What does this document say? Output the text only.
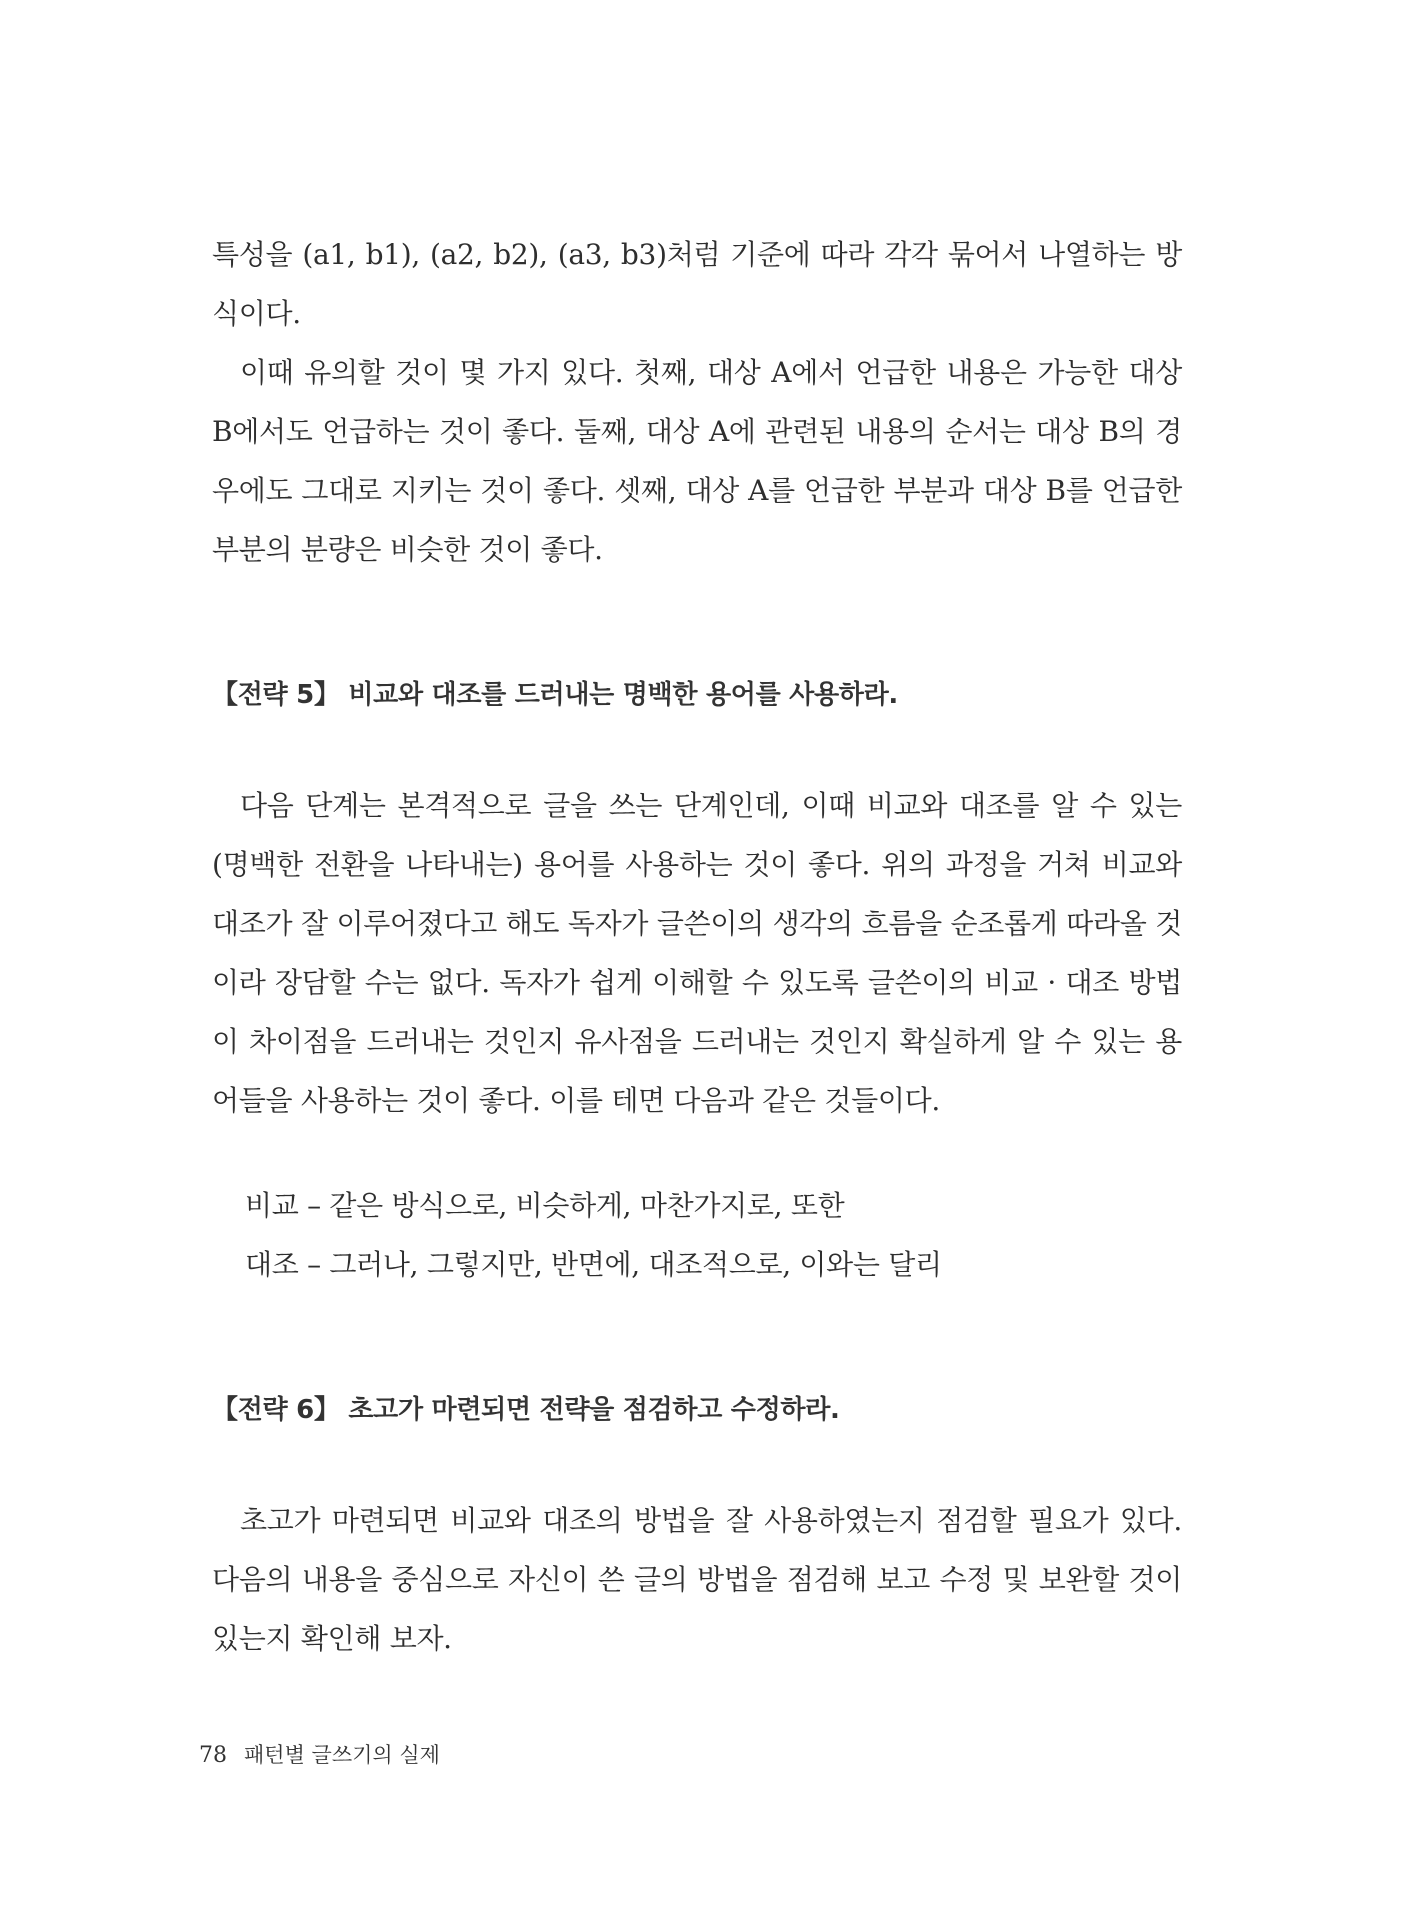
특성을 (a1, b1), (a2, b2), (a3, b3)처럼 기준에 따라 각각 묶어서 나열하는 방식이다.

이때 유의할 것이 몇 가지 있다. 첫째, 대상 A에서 언급한 내용은 가능한 대상 B에서도 언급하는 것이 좋다. 둘째, 대상 A에 관련된 내용의 순서는 대상 B의 경우에도 그대로 지키는 것이 좋다. 셋째, 대상 A를 언급한 부분과 대상 B를 언급한 부분의 분량은 비슷한 것이 좋다.

【전략 5】 비교와 대조를 드러내는 명백한 용어를 사용하라.

다음 단계는 본격적으로 글을 쓰는 단계인데, 이때 비교와 대조를 알 수 있는(명백한 전환을 나타내는) 용어를 사용하는 것이 좋다. 위의 과정을 거쳐 비교와 대조가 잘 이루어졌다고 해도 독자가 글쓴이의 생각의 흐름을 순조롭게 따라올 것이라 장담할 수는 없다. 독자가 쉽게 이해할 수 있도록 글쓴이의 비교 · 대조 방법이 차이점을 드러내는 것인지 유사점을 드러내는 것인지 확실하게 알 수 있는 용어들을 사용하는 것이 좋다. 이를 테면 다음과 같은 것들이다.

비교 – 같은 방식으로, 비슷하게, 마찬가지로, 또한

대조 – 그러나, 그렇지만, 반면에, 대조적으로, 이와는 달리

【전략 6】 초고가 마련되면 전략을 점검하고 수정하라.

초고가 마련되면 비교와 대조의 방법을 잘 사용하였는지 점검할 필요가 있다. 다음의 내용을 중심으로 자신이 쓴 글의 방법을 점검해 보고 수정 및 보완할 것이 있는지 확인해 보자.

78 패턴별 글쓰기의 실제
